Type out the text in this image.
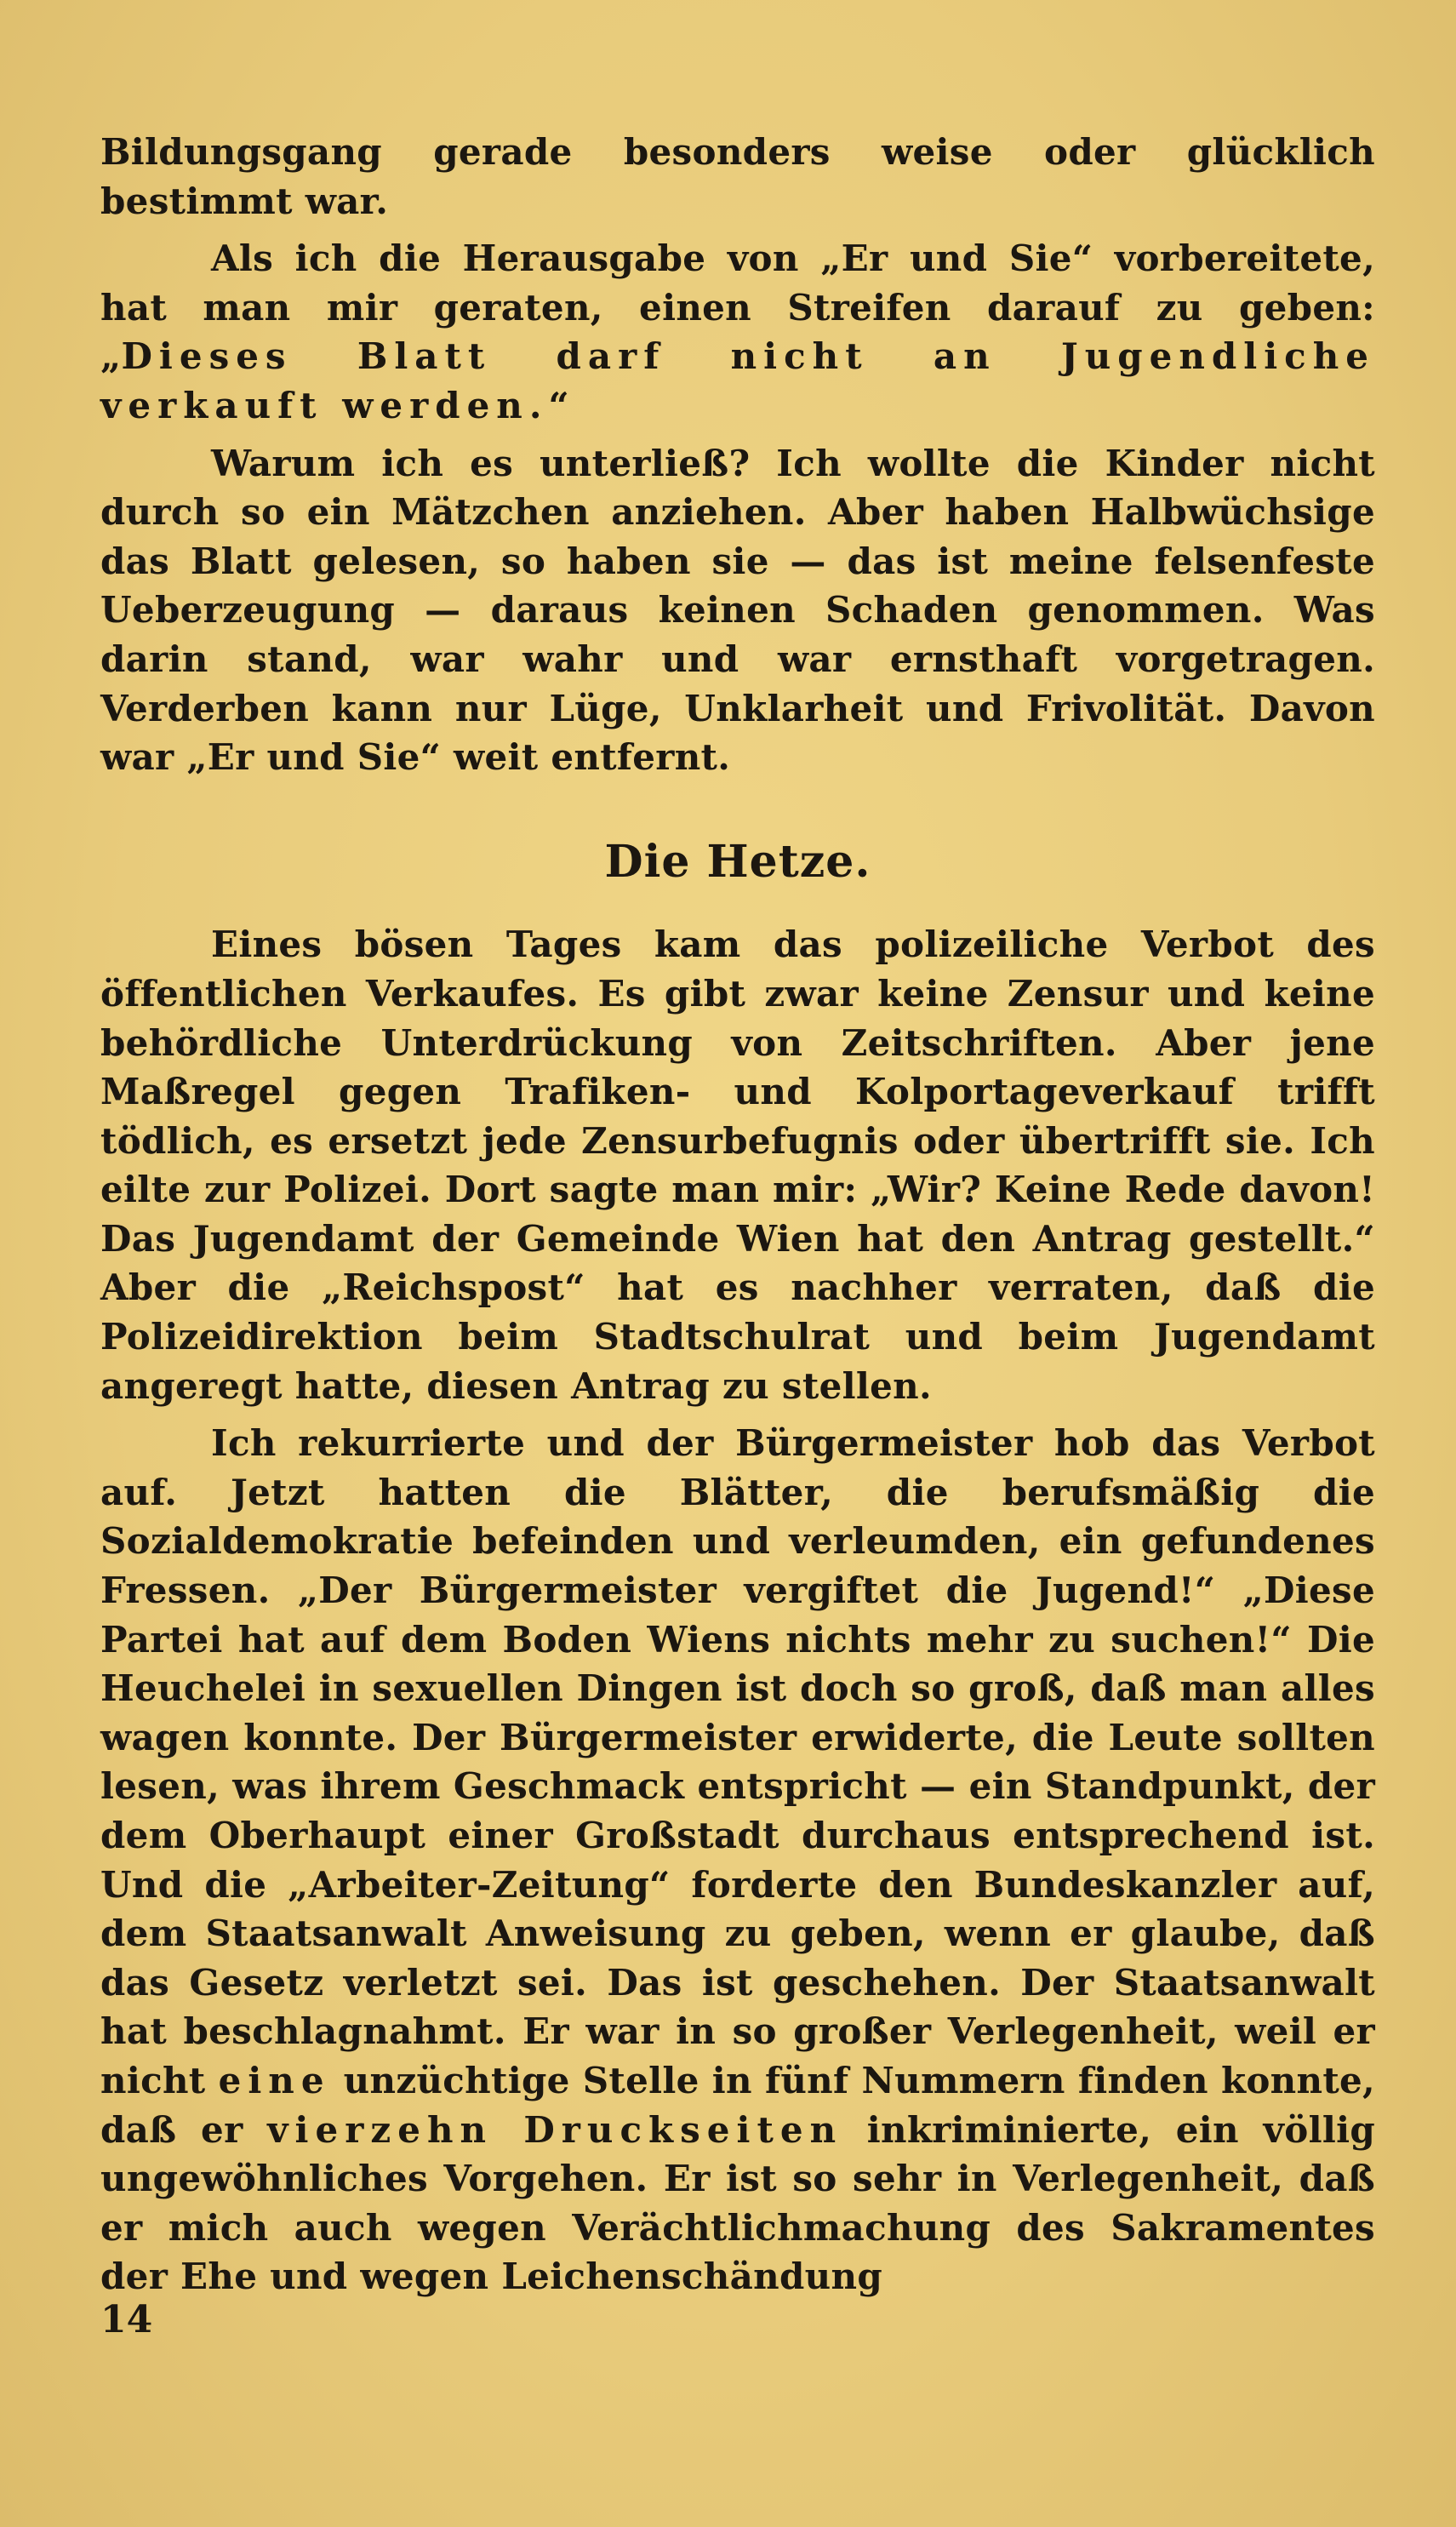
Bildungsgang gerade besonders weise oder glücklich bestimmt war.

Als ich die Herausgabe von „Er und Sie“ vorbereitete, hat man mir geraten, einen Streifen darauf zu geben: „Dieses Blatt darf nicht an Jugendliche verkauft werden.“

Warum ich es unterließ? Ich wollte die Kinder nicht durch so ein Mätzchen anziehen. Aber haben Halbwüchsige das Blatt gelesen, so haben sie — das ist meine felsenfeste Ueberzeugung — daraus keinen Schaden genommen. Was darin stand, war wahr und war ernsthaft vorgetragen. Verderben kann nur Lüge, Unklarheit und Frivolität. Davon war „Er und Sie“ weit entfernt.

Die Hetze.

Eines bösen Tages kam das polizeiliche Verbot des öffentlichen Verkaufes. Es gibt zwar keine Zensur und keine behördliche Unterdrückung von Zeitschriften. Aber jene Maßregel gegen Trafiken- und Kolportageverkauf trifft tödlich, es ersetzt jede Zensurbefugnis oder übertrifft sie. Ich eilte zur Polizei. Dort sagte man mir: „Wir? Keine Rede davon! Das Jugendamt der Gemeinde Wien hat den Antrag gestellt.“ Aber die „Reichspost“ hat es nachher verraten, daß die Polizeidirektion beim Stadtschulrat und beim Jugendamt angeregt hatte, diesen Antrag zu stellen.

Ich rekurrierte und der Bürgermeister hob das Verbot auf. Jetzt hatten die Blätter, die berufsmäßig die Sozialdemokratie befeinden und verleumden, ein gefundenes Fressen. „Der Bürgermeister vergiftet die Jugend!“ „Diese Partei hat auf dem Boden Wiens nichts mehr zu suchen!“ Die Heuchelei in sexuellen Dingen ist doch so groß, daß man alles wagen konnte. Der Bürgermeister erwiderte, die Leute sollten lesen, was ihrem Geschmack entspricht — ein Standpunkt, der dem Oberhaupt einer Großstadt durchaus entsprechend ist. Und die „Arbeiter-Zeitung“ forderte den Bundeskanzler auf, dem Staatsanwalt Anweisung zu geben, wenn er glaube, daß das Gesetz verletzt sei. Das ist geschehen. Der Staatsanwalt hat beschlagnahmt. Er war in so großer Verlegenheit, weil er nicht eine unzüchtige Stelle in fünf Nummern finden konnte, daß er vierzehn Druckseiten inkriminierte, ein völlig ungewöhnliches Vorgehen. Er ist so sehr in Verlegenheit, daß er mich auch wegen Verächtlichmachung des Sakramentes der Ehe und wegen Leichenschändung

14
